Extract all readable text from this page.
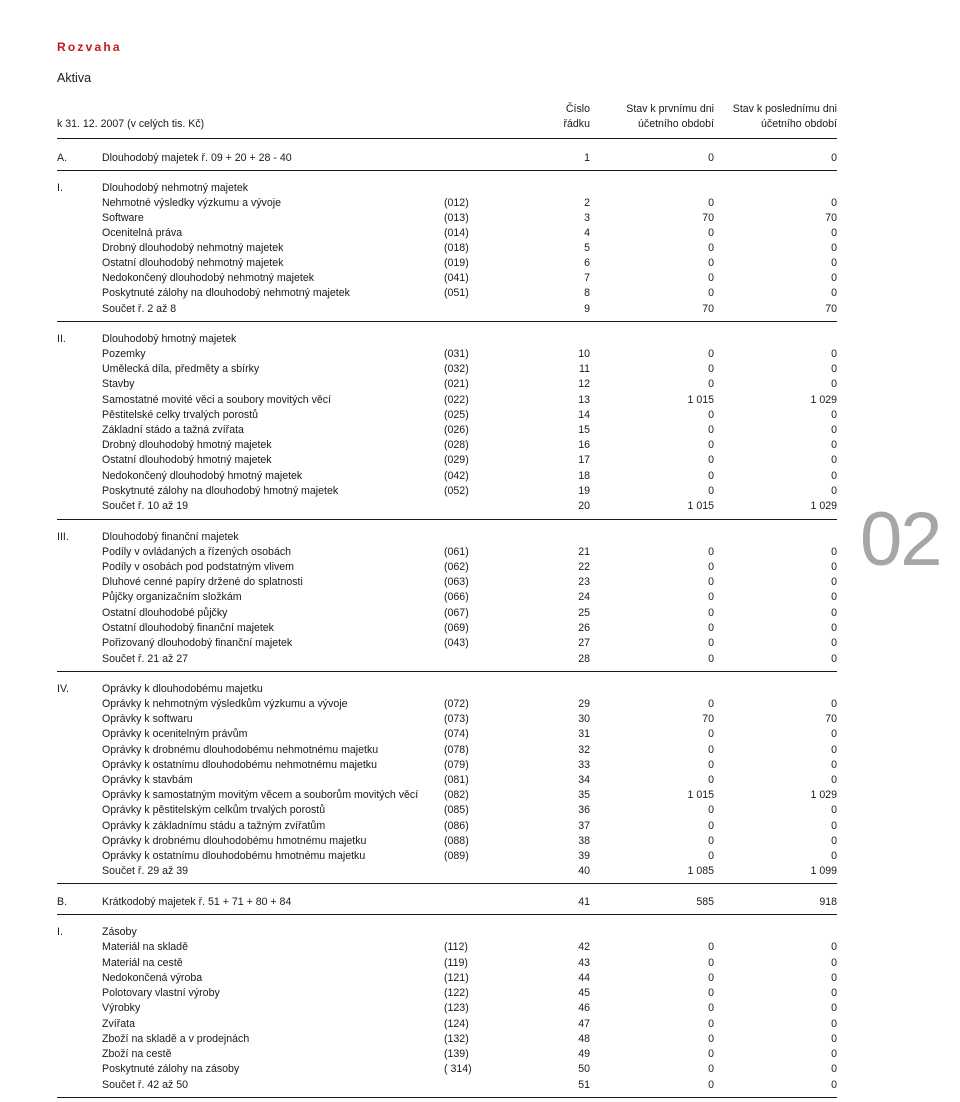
Rozvaha
Aktiva
k 31. 12. 2007 (v celých tis. Kč)
Číslo
řádku
Stav k prvnímu dni
účetního období
Stav k poslednímu dni
účetního období
A.	Dlouhodobý majetek ř. 09 + 20 + 28 - 40	1	0	0
I.	Dlouhodobý nehmotný majetek
Nehmotné výsledky výzkumu a vývoje	(012)	2	0	0
Software	(013)	3	70	70
Ocenitelná práva	(014)	4	0	0
Drobný dlouhodobý nehmotný majetek	(018)	5	0	0
Ostatní dlouhodobý nehmotný majetek	(019)	6	0	0
Nedokončený dlouhodobý nehmotný majetek	(041)	7	0	0
Poskytnuté zálohy na dlouhodobý nehmotný majetek	(051)	8	0	0
Součet ř. 2 až 8	9	70	70
II.	Dlouhodobý hmotný majetek
Pozemky	(031)	10	0	0
Umělecká díla, předměty a sbírky	(032)	11	0	0
Stavby	(021)	12	0	0
Samostatné movité věci a soubory movitých věcí	(022)	13	1 015	1 029
Pěstitelské celky trvalých porostů	(025)	14	0	0
Základní stádo a tažná zvířata	(026)	15	0	0
Drobný dlouhodobý hmotný majetek	(028)	16	0	0
Ostatní dlouhodobý hmotný majetek	(029)	17	0	0
Nedokončený dlouhodobý hmotný majetek	(042)	18	0	0
Poskytnuté zálohy na dlouhodobý hmotný majetek	(052)	19	0	0
Součet ř. 10 až 19	20	1 015	1 029
III.	Dlouhodobý finanční majetek
Podíly v ovládaných a řízených osobách	(061)	21	0	0
Podíly v osobách pod podstatným vlivem	(062)	22	0	0
Dluhové cenné papíry držené do splatnosti	(063)	23	0	0
Půjčky organizačním složkám	(066)	24	0	0
Ostatní dlouhodobé půjčky	(067)	25	0	0
Ostatní dlouhodobý finanční majetek	(069)	26	0	0
Pořizovaný dlouhodobý finanční majetek	(043)	27	0	0
Součet ř. 21 až 27	28	0	0
IV.	Oprávky k dlouhodobému majetku
Oprávky k nehmotným výsledkům výzkumu a vývoje	(072)	29	0	0
Oprávky k softwaru	(073)	30	70	70
Oprávky k ocenitelným právům	(074)	31	0	0
Oprávky k drobnému dlouhodobému nehmotnému majetku	(078)	32	0	0
Oprávky k ostatnímu dlouhodobému nehmotnému majetku	(079)	33	0	0
Oprávky k stavbám	(081)	34	0	0
Oprávky k samostatným movitým věcem a souborům movitých věcí (082)	35	1 015	1 029
Oprávky k pěstitelským celkům trvalých porostů	(085)	36	0	0
Oprávky k základnímu stádu a tažným zvířatům	(086)	37	0	0
Oprávky k drobnému dlouhodobému hmotnému majetku	(088)	38	0	0
Oprávky k ostatnímu dlouhodobému hmotnému majetku	(089)	39	0	0
Součet ř. 29 až 39	40	1 085	1 099
B.	Krátkodobý majetek ř. 51 + 71 + 80 + 84	41	585	918
I.	Zásoby
Materiál na skladě	(112)	42	0	0
Materiál na cestě	(119)	43	0	0
Nedokončená výroba	(121)	44	0	0
Polotovary vlastní výroby	(122)	45	0	0
Výrobky	(123)	46	0	0
Zvířata	(124)	47	0	0
Zboží na skladě a v prodejnách	(132)	48	0	0
Zboží na cestě	(139)	49	0	0
Poskytnuté zálohy na zásoby	( 314)	50	0	0
Součet ř. 42 až 50	51	0	0
02
